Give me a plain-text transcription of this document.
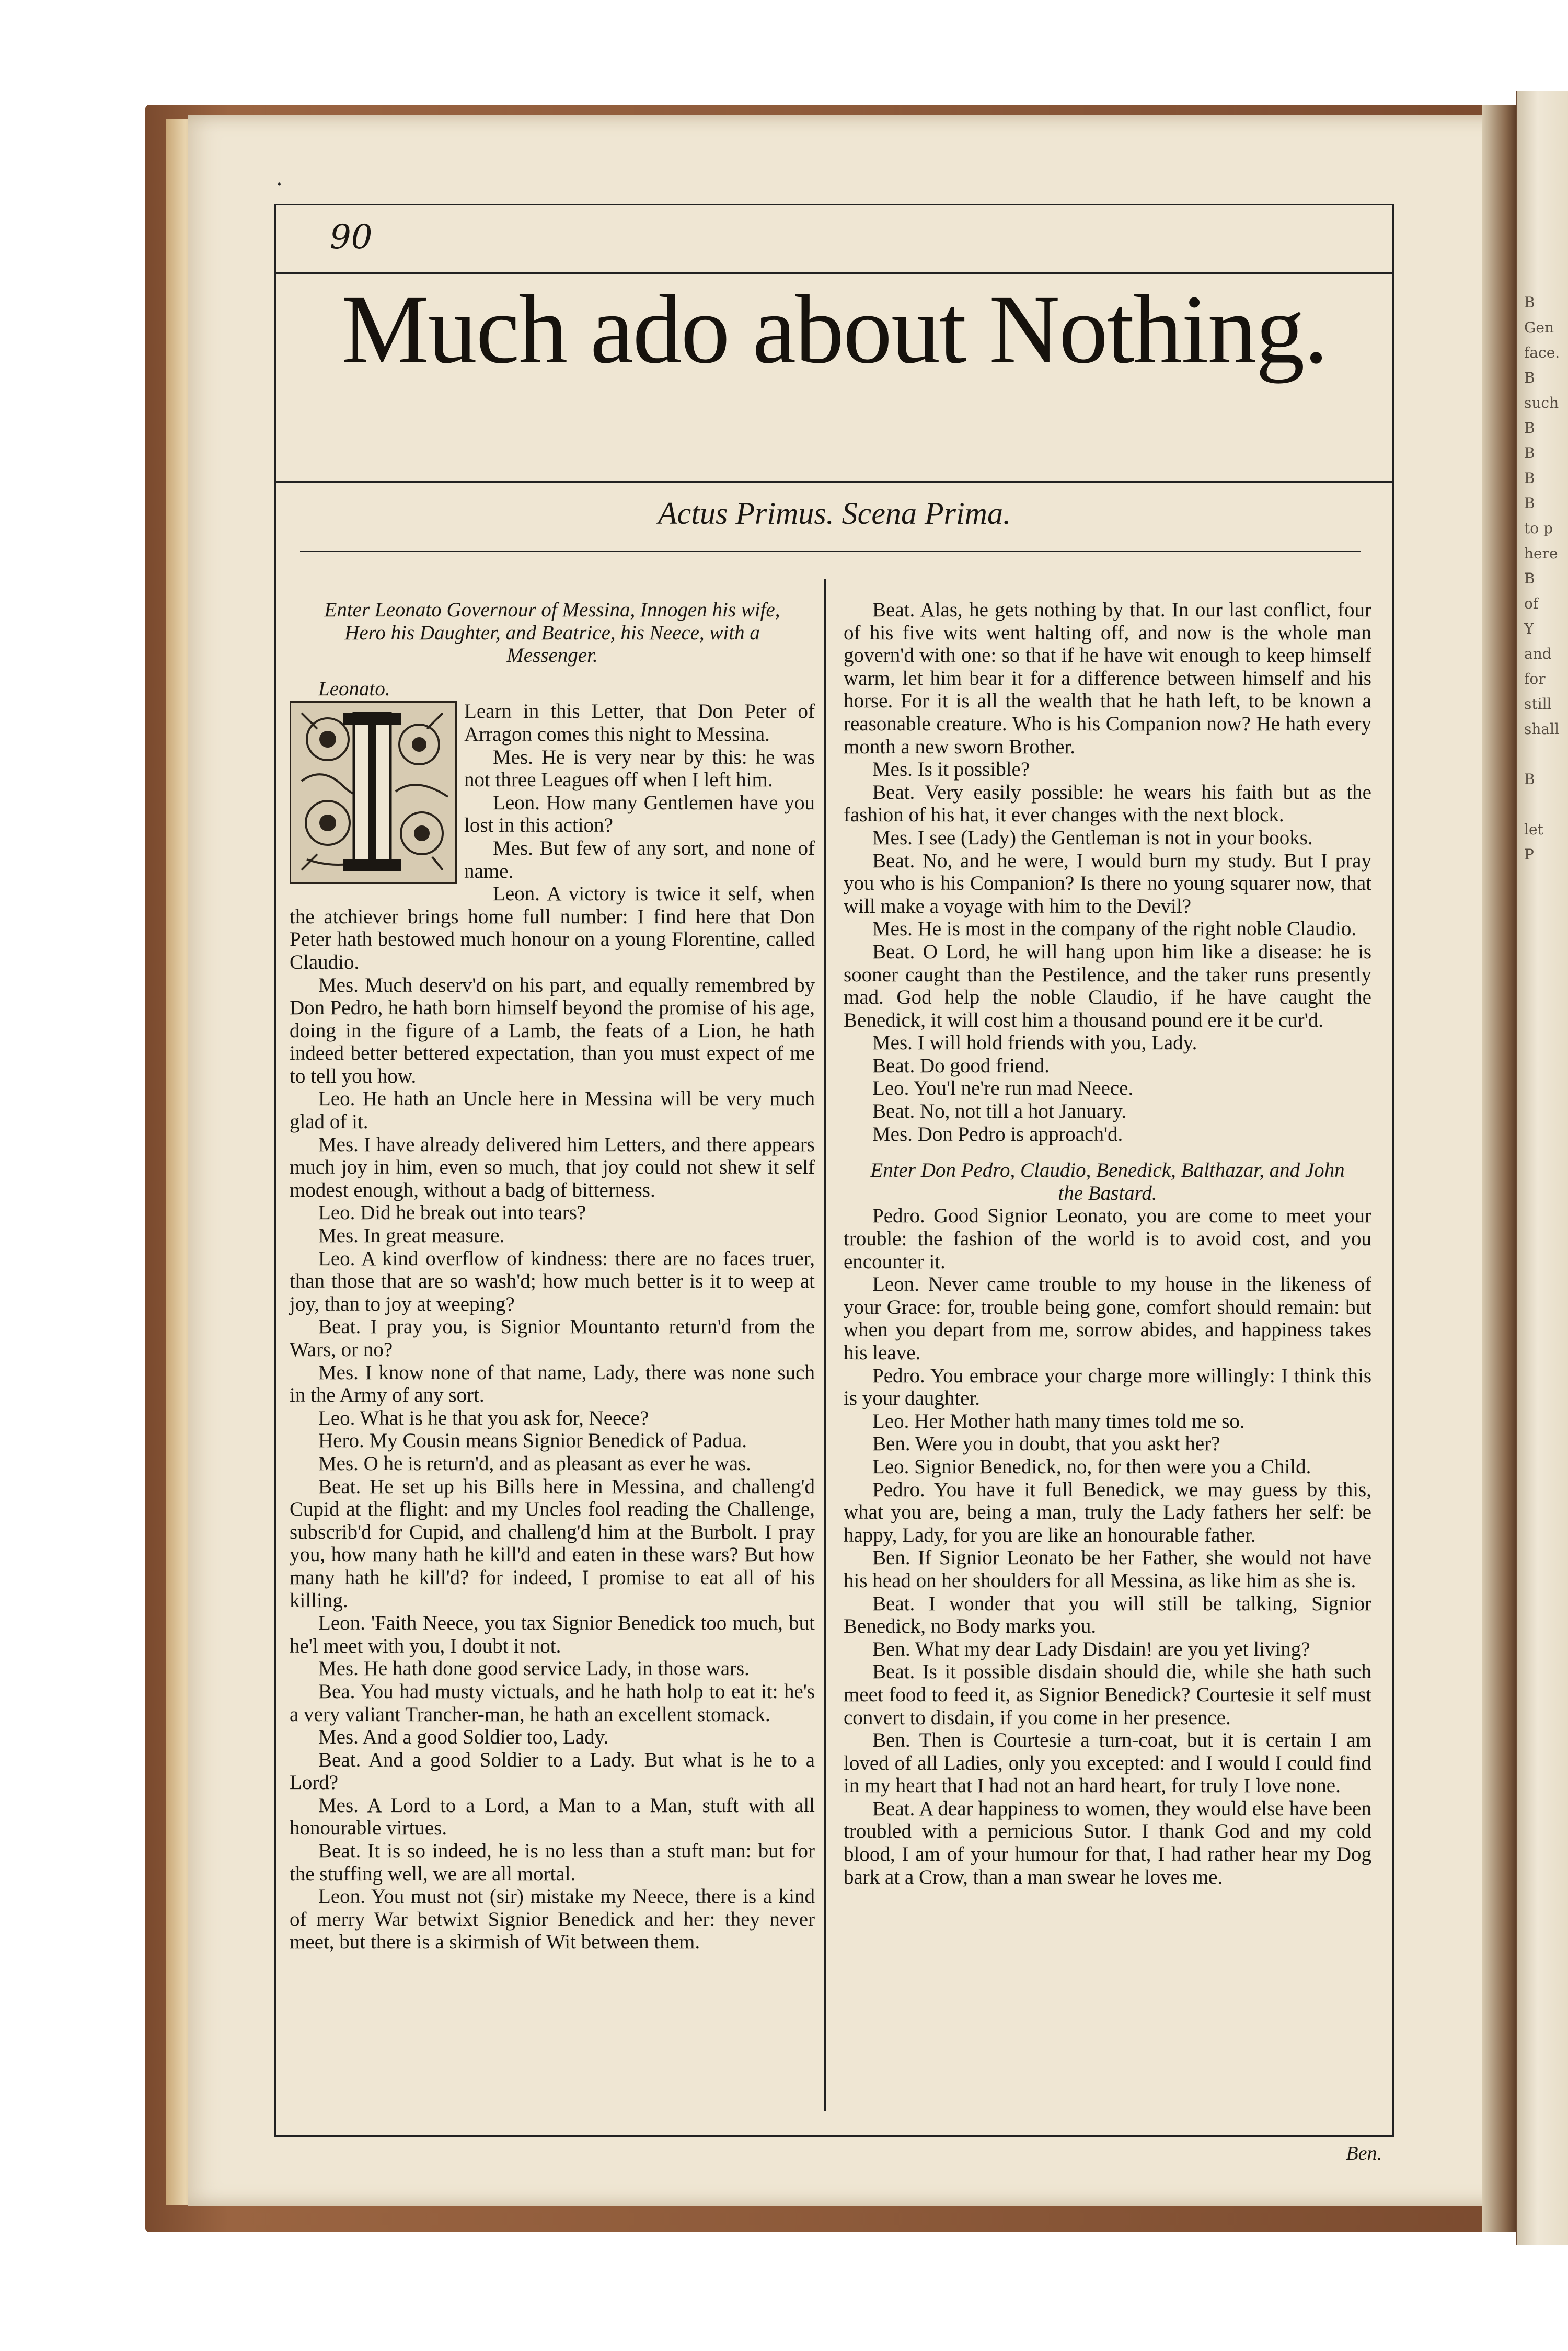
B
Gen
face.
B
such
B
B
B
B
to p
here
B
of
Y
and
for
still
shall

B

let
P
.
90
Much ado about Nothing.
Actus Primus. Scena Prima.

Enter Leonato Governour of Messina, Innogen his wife, Hero his Daughter, and Beatrice, his Neece, with a Messenger.

Leonato.

Learn in this Letter, that Don Peter of Arragon comes this night to Messina.

Mes. He is very near by this: he was not three Leagues off when I left him.

Leon. How many Gentlemen have you lost in this action?

Mes. But few of any sort, and none of name.

Leon. A victory is twice it self, when the atchiever brings home full number: I find here that Don Peter hath bestowed much honour on a young Florentine, called Claudio.

Mes. Much deserv'd on his part, and equally remembred by Don Pedro, he hath born himself beyond the promise of his age, doing in the figure of a Lamb, the feats of a Lion, he hath indeed better bettered expectation, than you must expect of me to tell you how.

Leo. He hath an Uncle here in Messina will be very much glad of it.

Mes. I have already delivered him Letters, and there appears much joy in him, even so much, that joy could not shew it self modest enough, without a badg of bitterness.

Leo. Did he break out into tears?

Mes. In great measure.

Leo. A kind overflow of kindness: there are no faces truer, than those that are so wash'd; how much better is it to weep at joy, than to joy at weeping?

Beat. I pray you, is Signior Mountanto return'd from the Wars, or no?

Mes. I know none of that name, Lady, there was none such in the Army of any sort.

Leo. What is he that you ask for, Neece?

Hero. My Cousin means Signior Benedick of Padua.

Mes. O he is return'd, and as pleasant as ever he was.

Beat. He set up his Bills here in Messina, and challeng'd Cupid at the flight: and my Uncles fool reading the Challenge, subscrib'd for Cupid, and challeng'd him at the Burbolt. I pray you, how many hath he kill'd and eaten in these wars? But how many hath he kill'd? for indeed, I promise to eat all of his killing.

Leon. 'Faith Neece, you tax Signior Benedick too much, but he'l meet with you, I doubt it not.

Mes. He hath done good service Lady, in those wars.

Bea. You had musty victuals, and he hath holp to eat it: he's a very valiant Trancher-man, he hath an excellent stomack.

Mes. And a good Soldier too, Lady.

Beat. And a good Soldier to a Lady. But what is he to a Lord?

Mes. A Lord to a Lord, a Man to a Man, stuft with all honourable virtues.

Beat. It is so indeed, he is no less than a stuft man: but for the stuffing well, we are all mortal.

Leon. You must not (sir) mistake my Neece, there is a kind of merry War betwixt Signior Benedick and her: they never meet, but there is a skirmish of Wit between them.

Beat. Alas, he gets nothing by that. In our last conflict, four of his five wits went halting off, and now is the whole man govern'd with one: so that if he have wit enough to keep himself warm, let him bear it for a difference between himself and his horse. For it is all the wealth that he hath left, to be known a reasonable creature. Who is his Companion now? He hath every month a new sworn Brother.

Mes. Is it possible?

Beat. Very easily possible: he wears his faith but as the fashion of his hat, it ever changes with the next block.

Mes. I see (Lady) the Gentleman is not in your books.

Beat. No, and he were, I would burn my study. But I pray you who is his Companion? Is there no young squarer now, that will make a voyage with him to the Devil?

Mes. He is most in the company of the right noble Claudio.

Beat. O Lord, he will hang upon him like a disease: he is sooner caught than the Pestilence, and the taker runs presently mad. God help the noble Claudio, if he have caught the Benedick, it will cost him a thousand pound ere it be cur'd.

Mes. I will hold friends with you, Lady.

Beat. Do good friend.

Leo. You'l ne're run mad Neece.

Beat. No, not till a hot January.

Mes. Don Pedro is approach'd.

Enter Don Pedro, Claudio, Benedick, Balthazar, and John the Bastard.

Pedro. Good Signior Leonato, you are come to meet your trouble: the fashion of the world is to avoid cost, and you encounter it.

Leon. Never came trouble to my house in the likeness of your Grace: for, trouble being gone, comfort should remain: but when you depart from me, sorrow abides, and happiness takes his leave.

Pedro. You embrace your charge more willingly: I think this is your daughter.

Leo. Her Mother hath many times told me so.

Ben. Were you in doubt, that you askt her?

Leo. Signior Benedick, no, for then were you a Child.

Pedro. You have it full Benedick, we may guess by this, what you are, being a man, truly the Lady fathers her self: be happy, Lady, for you are like an honourable father.

Ben. If Signior Leonato be her Father, she would not have his head on her shoulders for all Messina, as like him as she is.

Beat. I wonder that you will still be talking, Signior Benedick, no Body marks you.

Ben. What my dear Lady Disdain! are you yet living?

Beat. Is it possible disdain should die, while she hath such meet food to feed it, as Signior Benedick? Courtesie it self must convert to disdain, if you come in her presence.

Ben. Then is Courtesie a turn-coat, but it is certain I am loved of all Ladies, only you excepted: and I would I could find in my heart that I had not an hard heart, for truly I love none.

Beat. A dear happiness to women, they would else have been troubled with a pernicious Sutor. I thank God and my cold blood, I am of your humour for that, I had rather hear my Dog bark at a Crow, than a man swear he loves me.

Ben.
